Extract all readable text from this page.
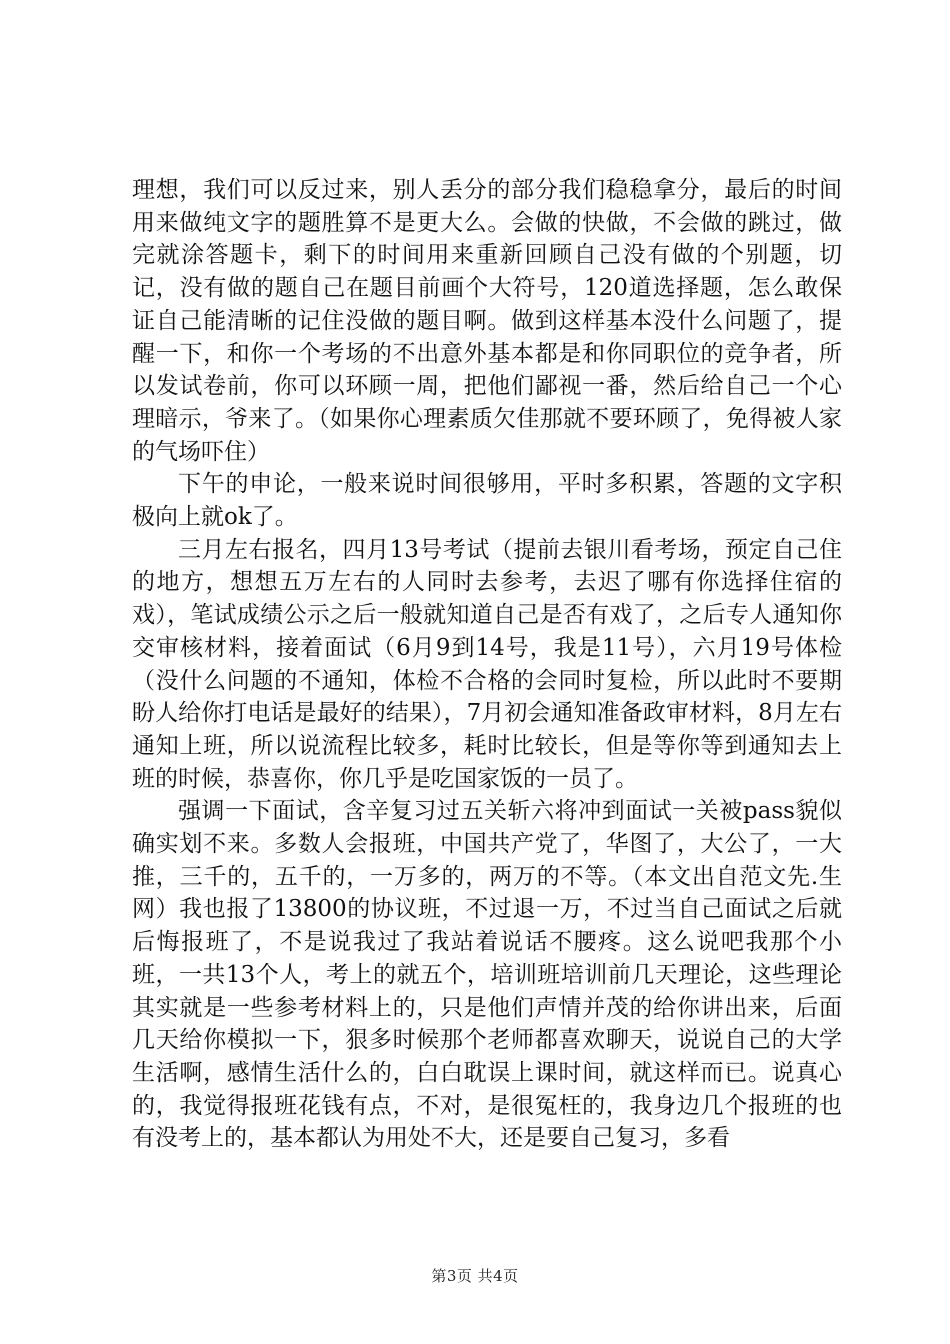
理想，我们可以反过来，别人丢分的部分我们稳稳拿分，最后的时间用来做纯文字的题胜算不是更大么。会做的快做，不会做的跳过，做完就涂答题卡，剩下的时间用来重新回顾自己没有做的个别题，切记，没有做的题自己在题目前画个大符号，120道选择题，怎么敢保证自己能清晰的记住没做的题目啊。做到这样基本没什么问题了，提醒一下，和你一个考场的不出意外基本都是和你同职位的竞争者，所以发试卷前，你可以环顾一周，把他们鄙视一番，然后给自己一个心理暗示，爷来了。（如果你心理素质欠佳那就不要环顾了，免得被人家的气场吓住）

下午的申论，一般来说时间很够用，平时多积累，答题的文字积极向上就ok了。

三月左右报名，四月13号考试（提前去银川看考场，预定自己住的地方，想想五万左右的人同时去参考，去迟了哪有你选择住宿的戏），笔试成绩公示之后一般就知道自己是否有戏了，之后专人通知你交审核材料，接着面试（6月9到14号，我是11号），六月19号体检（没什么问题的不通知，体检不合格的会同时复检，所以此时不要期盼人给你打电话是最好的结果），7月初会通知准备政审材料，8月左右通知上班，所以说流程比较多，耗时比较长，但是等你等到通知去上班的时候，恭喜你，你几乎是吃国家饭的一员了。

强调一下面试，含辛复习过五关斩六将冲到面试一关被pass貌似确实划不来。多数人会报班，中国共产党了，华图了，大公了，一大推，三千的，五千的，一万多的，两万的不等。（本文出自范文先.生网）我也报了13800的协议班，不过退一万，不过当自己面试之后就后悔报班了，不是说我过了我站着说话不腰疼。这么说吧我那个小班，一共13个人，考上的就五个，培训班培训前几天理论，这些理论其实就是一些参考材料上的，只是他们声情并茂的给你讲出来，后面几天给你模拟一下，狠多时候那个老师都喜欢聊天，说说自己的大学生活啊，感情生活什么的，白白耽误上课时间，就这样而已。说真心的，我觉得报班花钱有点，不对，是很冤枉的，我身边几个报班的也有没考上的，基本都认为用处不大，还是要自己复习，多看

第3页 共4页
